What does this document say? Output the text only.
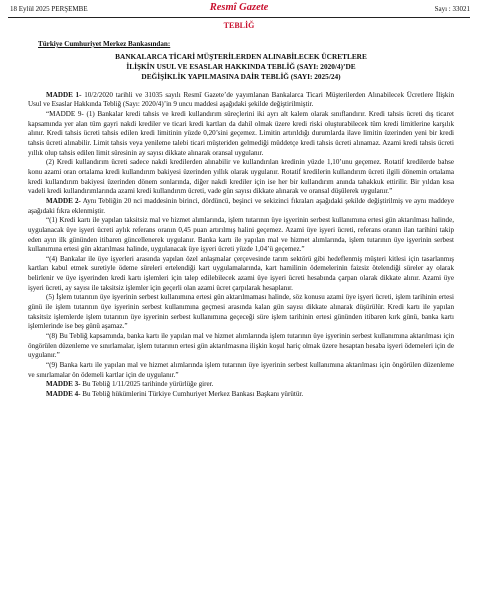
18 Eylül 2025 PERŞEMBE	Resmî Gazete	Sayı : 33021
TEBLİĞ
Türkiye Cumhuriyet Merkez Bankasından:
BANKALARCA TİCARİ MÜŞTERİLERDEN ALINABİLECEK ÜCRETLERE
İLİŞKİN USUL VE ESASLAR HAKKINDA TEBLİĞ (SAYI: 2020/4)’DE
DEĞİŞİKLİK YAPILMASINA DAİR TEBLİĞ (SAYI: 2025/24)

MADDE 1- 10/2/2020 tarihli ve 31035 sayılı Resmî Gazete’de yayımlanan Bankalarca Ticari Müşterilerden Alınabilecek Ücretlere İlişkin Usul ve Esaslar Hakkında Tebliğ (Sayı: 2020/4)’in 9 uncu maddesi aşağıdaki şekilde değiştirilmiştir.

“MADDE 9- (1) Bankalar kredi tahsis ve kredi kullandırım süreçlerini iki ayrı alt kalem olarak sınıflandırır. Kredi tahsis ücreti dış ticaret kapsamında yer alan tüm gayri nakdi krediler ve ticari kredi kartları da dahil olmak üzere kredi riski oluşturabilecek tüm kredi limitlerine karşılık alınır. Kredi tahsis ücreti tahsis edilen kredi limitinin yüzde 0,20’sini geçemez. Limitin artırıldığı durumlarda ilave limitin üzerinden yeni bir kredi tahsis ücreti alınabilir. Limit tahsis veya yenileme talebi ticari müşteriden gelmediği müddetçe kredi tahsis ücreti alınamaz. Azami kredi tahsis ücreti yıllık olup tahsis edilen limit süresinin ay sayısı dikkate alınarak oransal uygulanır.

(2) Kredi kullandırım ücreti sadece nakdi kredilerden alınabilir ve kullandırılan kredinin yüzde 1,10’unu geçemez. Rotatif kredilerde bahse konu azami oran ortalama kredi kullandırım bakiyesi üzerinden yıllık olarak uygulanır. Rotatif kredilerin kullandırım ücreti ilgili dönemin ortalama kredi kullandırım bakiyesi üzerinden dönem sonlarında, diğer nakdi krediler için ise her bir kullandırım anında tahakkuk ettirilir. Bir yıldan kısa vadeli kredi kullandırımlarında azami kredi kullandırım ücreti, vade gün sayısı dikkate alınarak ve oransal düşülerek uygulanır.”

MADDE 2- Aynı Tebliğin 20 nci maddesinin birinci, dördüncü, beşinci ve sekizinci fıkraları aşağıdaki şekilde değiştirilmiş ve aynı maddeye aşağıdaki fıkra eklenmiştir.

“(1) Kredi kartı ile yapılan taksitsiz mal ve hizmet alımlarında, işlem tutarının üye işyerinin serbest kullanımına ertesi gün aktarılması halinde, uygulanacak üye işyeri ücreti aylık referans oranın 0,45 puan artırılmış halini geçemez. Azami üye işyeri ücreti, referans oranın ilan tarihini takip eden ayın ilk gününden itibaren güncellenerek uygulanır. Banka kartı ile yapılan mal ve hizmet alımlarında, işlem tutarının üye işyerinin serbest kullanımına ertesi gün aktarılması halinde, uygulanacak üye işyeri ücreti yüzde 1,04’ü geçemez.”

“(4) Bankalar ile üye işyerleri arasında yapılan özel anlaşmalar çerçevesinde tarım sektörü gibi hedeflenmiş müşteri kitlesi için tasarlanmış kartları kabul etmek suretiyle ödeme süreleri ertelendiği kart uygulamalarında, kart hamilinin ödemelerinin faizsiz ötelendiği süreler ay olarak belirlenir ve üye işyerinden kredi kartı işlemleri için talep edilebilecek azami üye işyeri ücreti hesabında çarpan olarak dikkate alınır. Azami üye işyeri ücreti, ay sayısı ile taksitsiz işlemler için geçerli olan azami ücret çarpılarak hesaplanır.

(5) İşlem tutarının üye işyerinin serbest kullanımına ertesi gün aktarılmaması halinde, söz konusu azami üye işyeri ücreti, işlem tarihinin ertesi günü ile işlem tutarının üye işyerinin serbest kullanımına geçmesi arasında kalan gün sayısı dikkate alınarak düşürülür. Kredi kartı ile yapılan taksitsiz işlemlerde işlem tutarının üye işyerinin serbest kullanımına geçeceği süre işlem tarihinin ertesi gününden itibaren kırk günü, banka kartı işlemlerinde ise beş günü aşamaz.”

“(8) Bu Tebliğ kapsamında, banka kartı ile yapılan mal ve hizmet alımlarında işlem tutarının üye işyerinin serbest kullanımına aktarılması için öngörülen düzenleme ve sınırlamalar, işlem tutarının ertesi gün aktarılmasına ilişkin koşul hariç olmak üzere hesaptan hesaba işyeri ödemeleri için de uygulanır.”

“(9) Banka kartı ile yapılan mal ve hizmet alımlarında işlem tutarının üye işyerinin serbest kullanımına aktarılması için öngörülen düzenleme ve sınırlamalar ön ödemeli kartlar için de uygulanır.”

MADDE 3- Bu Tebliğ 1/11/2025 tarihinde yürürlüğe girer.

MADDE 4- Bu Tebliğ hükümlerini Türkiye Cumhuriyet Merkez Bankası Başkanı yürütür.
